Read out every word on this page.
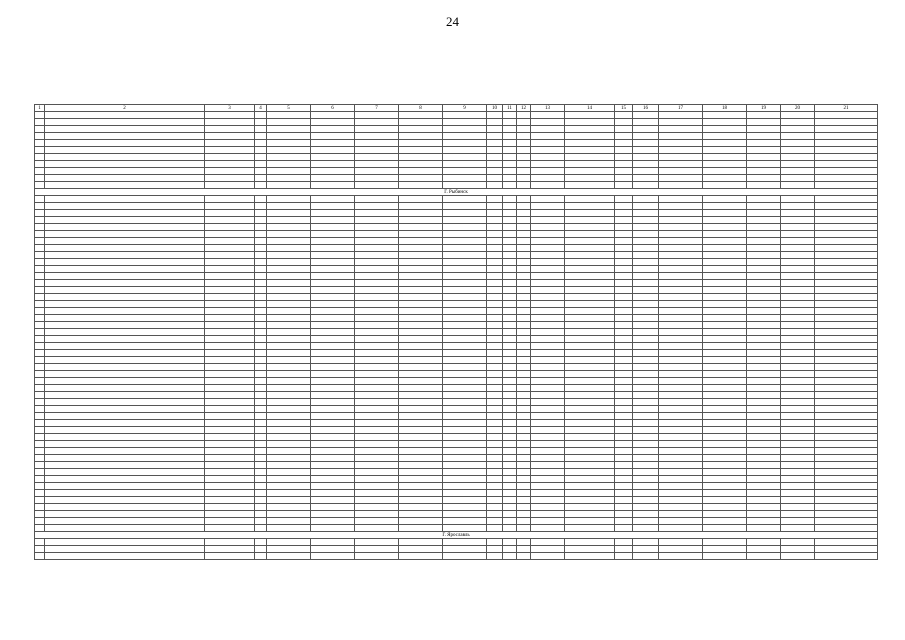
24
1	2	3	4	5	6	7	8	9	10	11	12	13	14	15	16	17	18	19	20	21

Г. Рыбинск																				

Г. Ярославль																				
